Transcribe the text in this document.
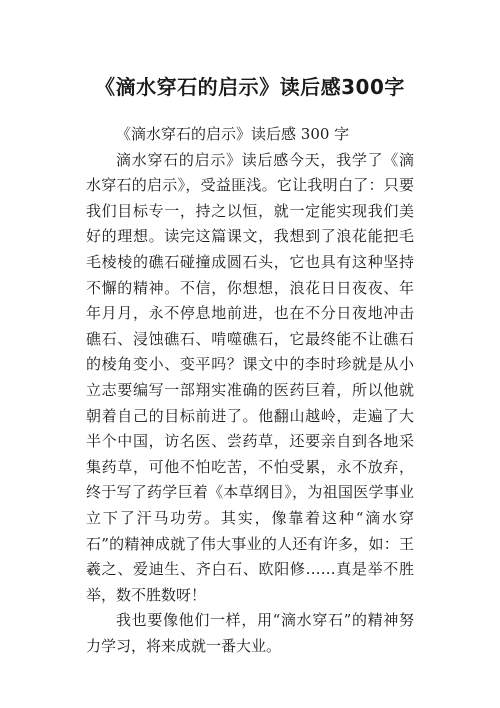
《滴水穿石的启示》读后感300字

《滴水穿石的启示》读后感 300 字

滴水穿石的启示》读后感今天，我学了《滴水穿石的启示》，受益匪浅。它让我明白了：只要我们目标专一，持之以恒，就一定能实现我们美好的理想。读完这篇课文，我想到了浪花能把毛毛棱棱的礁石碰撞成圆石头，它也具有这种坚持不懈的精神。不信，你想想，浪花日日夜夜、年年月月，永不停息地前进，也在不分日夜地冲击礁石、浸蚀礁石、啃噬礁石，它最终能不让礁石的棱角变小、变平吗？课文中的李时珍就是从小立志要编写一部翔实准确的医药巨着，所以他就朝着自己的目标前进了。他翻山越岭，走遍了大半个中国，访名医、尝药草，还要亲自到各地采集药草，可他不怕吃苦，不怕受累，永不放弃，终于写了药学巨着《本草纲目》，为祖国医学事业立下了汗马功劳。其实，像靠着这种“滴水穿石”的精神成就了伟大事业的人还有许多，如：王羲之、爱迪生、齐白石、欧阳修……真是举不胜举，数不胜数呀！

我也要像他们一样，用“滴水穿石”的精神努力学习，将来成就一番大业。
